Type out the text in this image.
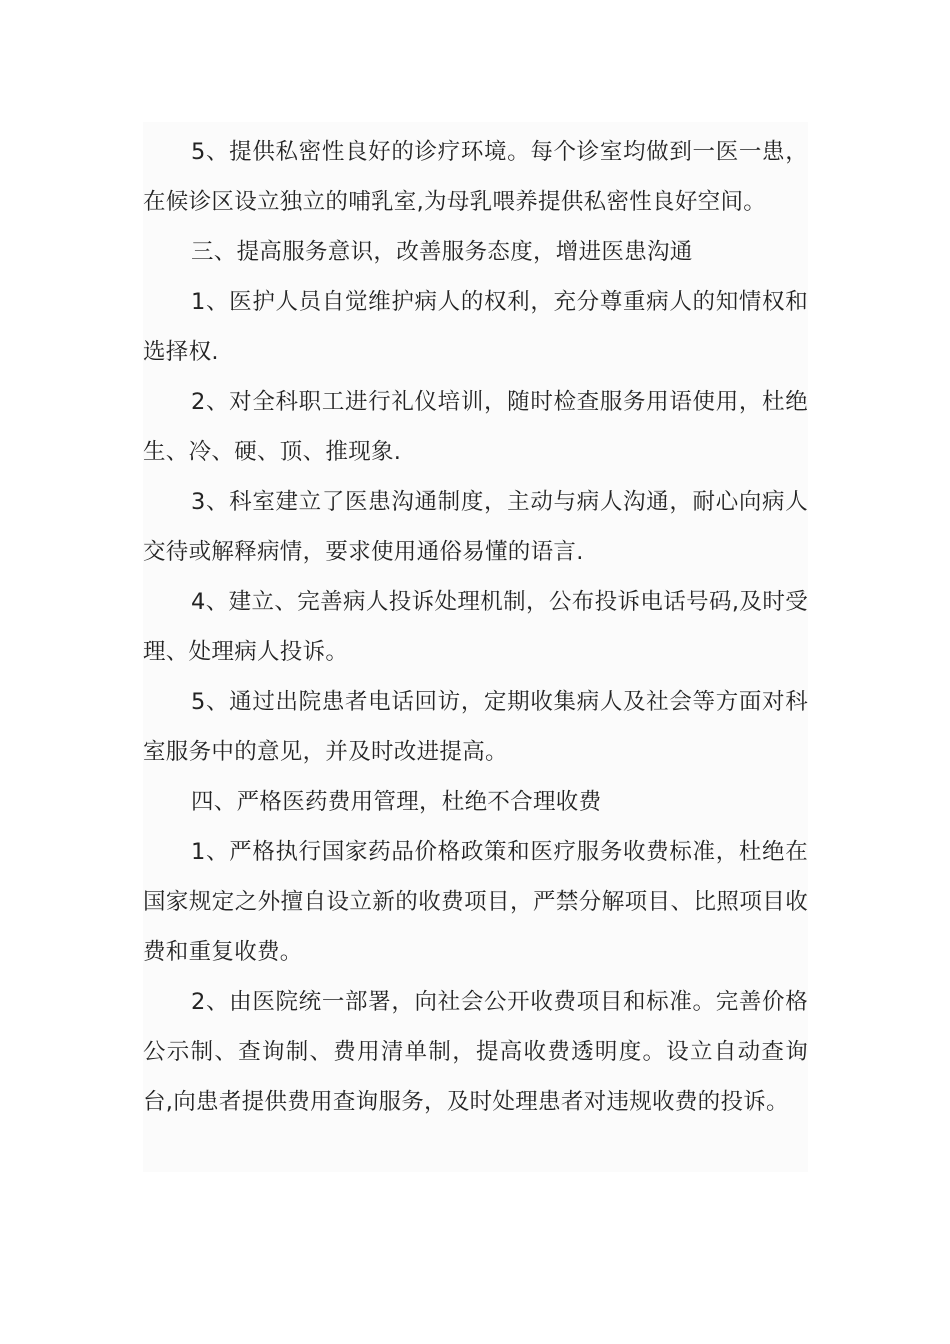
5、提供私密性良好的诊疗环境。每个诊室均做到一医一患，在候诊区设立独立的哺乳室,为母乳喂养提供私密性良好空间。

三、提高服务意识，改善服务态度，增进医患沟通

1、医护人员自觉维护病人的权利，充分尊重病人的知情权和选择权.

2、对全科职工进行礼仪培训，随时检查服务用语使用，杜绝生、冷、硬、顶、推现象.

3、科室建立了医患沟通制度，主动与病人沟通，耐心向病人交待或解释病情，要求使用通俗易懂的语言.

4、建立、完善病人投诉处理机制，公布投诉电话号码,及时受理、处理病人投诉。

5、通过出院患者电话回访，定期收集病人及社会等方面对科室服务中的意见，并及时改进提高。

四、严格医药费用管理，杜绝不合理收费

1、严格执行国家药品价格政策和医疗服务收费标准，杜绝在国家规定之外擅自设立新的收费项目，严禁分解项目、比照项目收费和重复收费。

2、由医院统一部署，向社会公开收费项目和标准。完善价格公示制、查询制、费用清单制，提高收费透明度。设立自动查询台,向患者提供费用查询服务，及时处理患者对违规收费的投诉。
